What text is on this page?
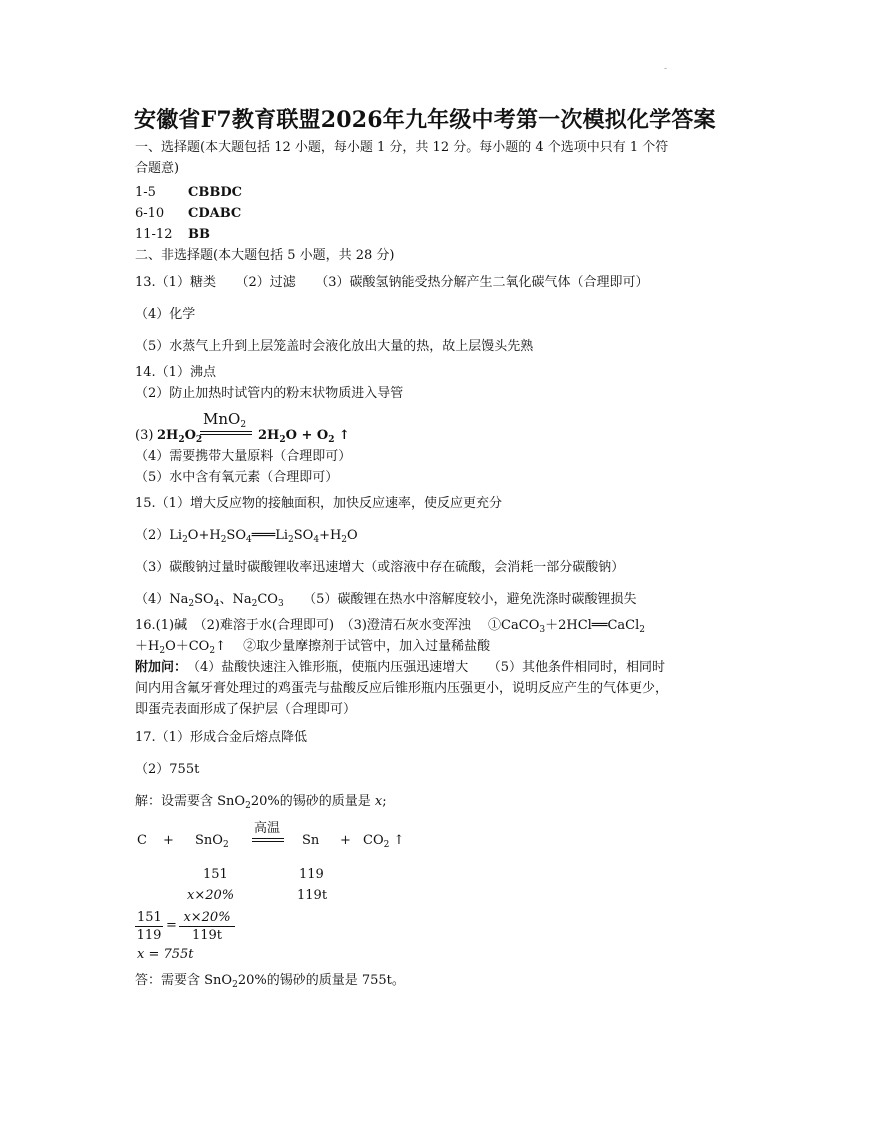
-
安徽省F7教育联盟2026年九年级中考第一次模拟化学答案
一、选择题(本大题包括 12 小题，每小题 1 分，共 12 分。每小题的 4 个选项中只有 1 个符
合题意)
1-5 CBBDC
6-10 CDABC
11-12 BB
二、非选择题(本大题包括 5 小题，共 28 分)
13.（1）糖类　　（2）过滤　　（3）碳酸氢钠能受热分解产生二氧化碳气体（合理即可）
（4）化学
（5）水蒸气上升到上层笼盖时会液化放出大量的热，故上层馒头先熟
14.（1）沸点
（2）防止加热时试管内的粉末状物质进入导管
(3) $2H_2O_2$
MnO$_2$
$2H_2O + O_2$ ↑
（4）需要携带大量原料（合理即可）
（5）水中含有氧元素（合理即可）
15.（1）增大反应物的接触面积，加快反应速率，使反应更充分
$(2)Li_2O+H_2SO_4═══Li_2SO_4+H_2O$
（3）碳酸钠过量时碳酸锂收率迅速增大（或溶液中存在硫酸，会消耗一部分碳酸钠）
$(4)Na_2SO_4$、$Na_2CO_3$　　（5）碳酸锂在热水中溶解度较小，避免洗涤时碳酸锂损失
16.(1)碱　（2)难溶于水(合理即可)　（3)澄清石灰水变浑浊　 ①CaCO$_3$＋2HCl══CaCl$_2$
$+H_2O+CO_2↑$　 ②取少量摩擦剂于试管中，加入过量稀盐酸
附加问： （4）盐酸快速注入锥形瓶，使瓶内压强迅速增大　　（5）其他条件相同时，相同时
间内用含氟牙膏处理过的鸡蛋壳与盐酸反应后锥形瓶内压强更小，说明反应产生的气体更少，
即蛋壳表面形成了保护层（合理即可）
17.（1）形成合金后熔点降低
（2）755t
解：设需要含 SnO$_2$20%的锡砂的质量是 x;
C + SnO$_2$
高温
$Sn + CO_2$ ↑
151	119
x×20%	119t
$\frac{151}{119} = \frac{x\times 20\%}{119t}$
x = 755t
答：需要含 SnO$_2$20%的锡砂的质量是 755t。
